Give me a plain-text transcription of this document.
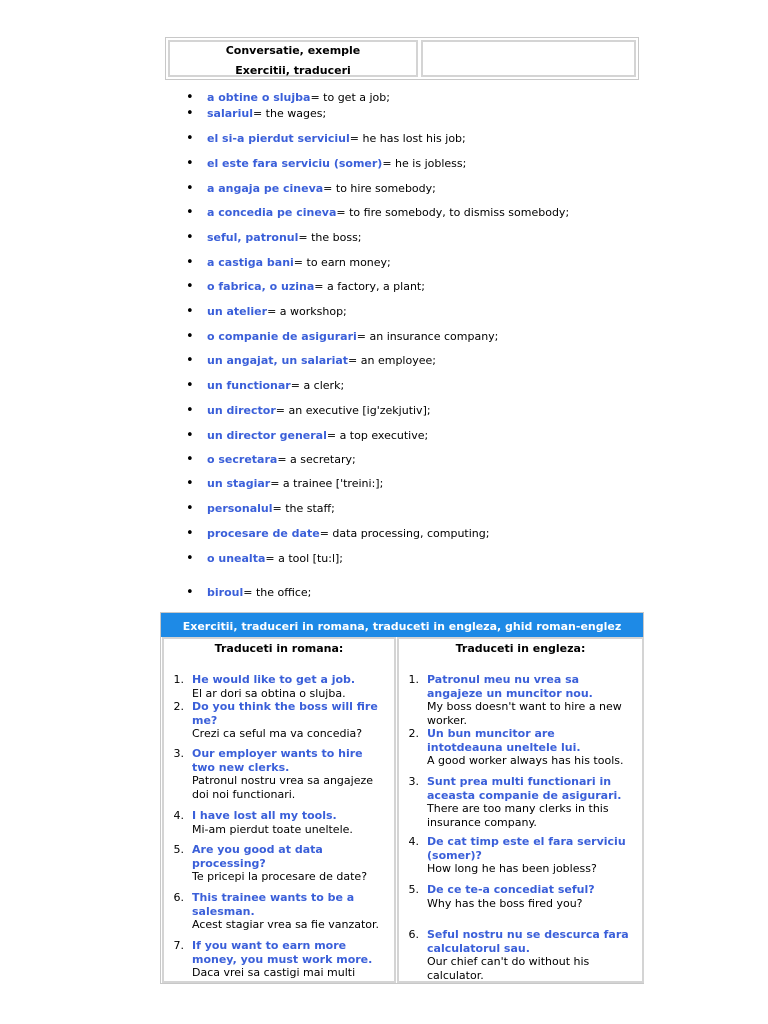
Conversatie, exemple
Exercitii, traduceri
• a obtine o slujba= to get a job;
• salariul= the wages;
• el si-a pierdut serviciul= he has lost his job;
• el este fara serviciu (somer)= he is jobless;
• a angaja pe cineva= to hire somebody;
• a concedia pe cineva= to fire somebody, to dismiss somebody;
• seful, patronul= the boss;
• a castiga bani= to earn money;
• o fabrica, o uzina= a factory, a plant;
• un atelier= a workshop;
• o companie de asigurari= an insurance company;
• un angajat, un salariat= an employee;
• un functionar= a clerk;
• un director= an executive [ig'zekjutiv];
• un director general= a top executive;
• o secretara= a secretary;
• un stagiar= a trainee ['treini:];
• personalul= the staff;
• procesare de date= data processing, computing;
• o unealta= a tool [tu:l];
• biroul= the office;
Exercitii, traduceri in romana, traduceti in engleza, ghid roman-englez
Traduceti in romana:
1. He would like to get a job.
El ar dori sa obtina o slujba.
2. Do you think the boss will fire
me?
Crezi ca seful ma va concedia?
3. Our employer wants to hire
two new clerks.
Patronul nostru vrea sa angajeze
doi noi functionari.
4. I have lost all my tools.
Mi-am pierdut toate uneltele.
5. Are you good at data
processing?
Te pricepi la procesare de date?
6. This trainee wants to be a
salesman.
Acest stagiar vrea sa fie vanzator.
7. If you want to earn more
money, you must work more.
Daca vrei sa castigi mai multi
Traduceti in engleza:
1. Patronul meu nu vrea sa
angajeze un muncitor nou.
My boss doesn't want to hire a new
worker.
2. Un bun muncitor are
intotdeauna uneltele lui.
A good worker always has his tools.
3. Sunt prea multi functionari in
aceasta companie de asigurari.
There are too many clerks in this
insurance company.
4. De cat timp este el fara serviciu
(somer)?
How long he has been jobless?
5. De ce te-a concediat seful?
Why has the boss fired you?
6. Seful nostru nu se descurca fara
calculatorul sau.
Our chief can't do without his
calculator.
